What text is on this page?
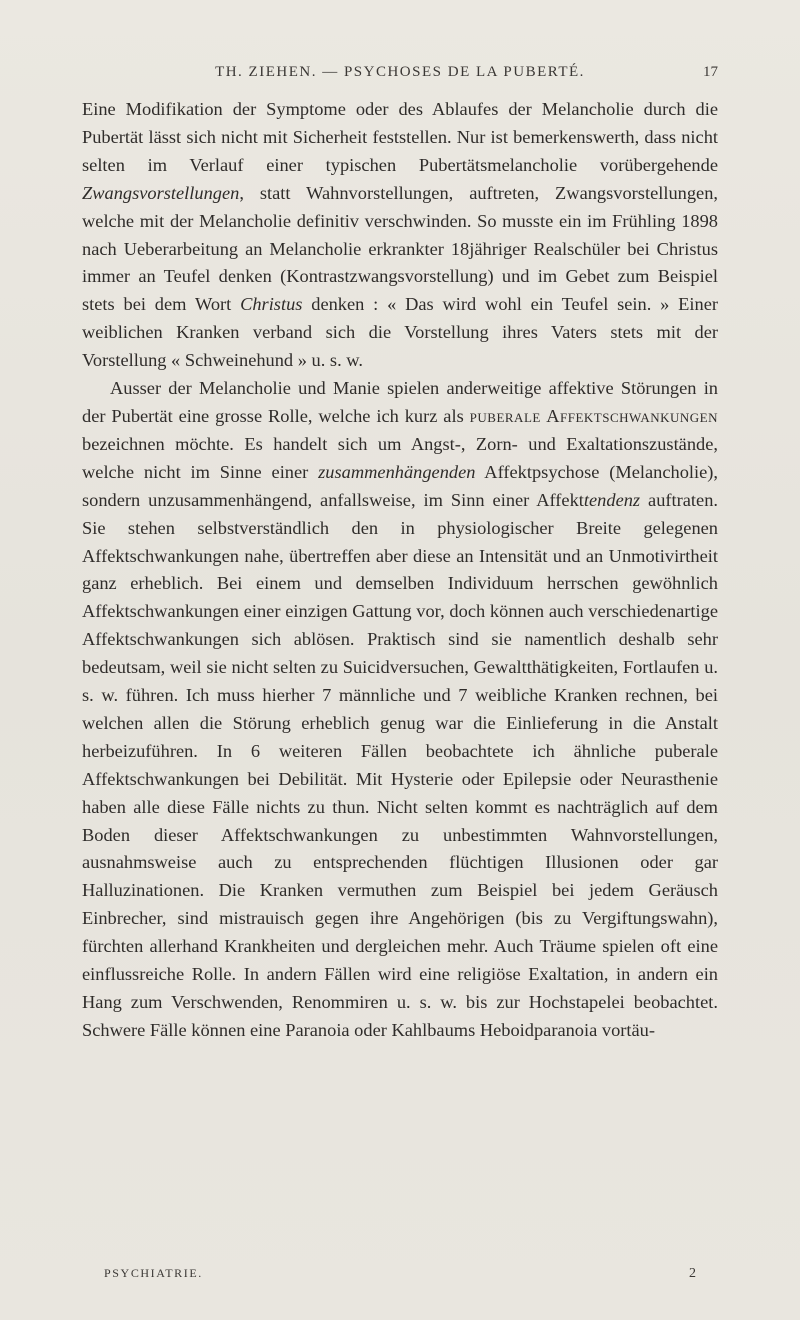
TH. ZIEHEN. — PSYCHOSES DE LA PUBERTÉ.	17

Eine Modifikation der Symptome oder des Ablaufes der Melancholie durch die Pubertät lässt sich nicht mit Sicherheit feststellen. Nur ist bemerkenswerth, dass nicht selten im Verlauf einer typischen Pubertätsmelancholie vorübergehende Zwangsvorstellungen, statt Wahnvorstellungen, auftreten, Zwangsvorstellungen, welche mit der Melancholie definitiv verschwinden. So musste ein im Frühling 1898 nach Ueberarbeitung an Melancholie erkrankter 18jähriger Realschüler bei Christus immer an Teufel denken (Kontrastzwangsvorstellung) und im Gebet zum Beispiel stets bei dem Wort Christus denken : « Das wird wohl ein Teufel sein. » Einer weiblichen Kranken verband sich die Vorstellung ihres Vaters stets mit der Vorstellung « Schweinehund » u. s. w.

Ausser der Melancholie und Manie spielen anderweitige affektive Störungen in der Pubertät eine grosse Rolle, welche ich kurz als puberale Affektschwankungen bezeichnen möchte. Es handelt sich um Angst-, Zorn- und Exaltationszustände, welche nicht im Sinne einer zusammenhängenden Affektpsychose (Melancholie), sondern unzusammenhängend, anfallsweise, im Sinn einer Affekttendenz auftraten. Sie stehen selbstverständlich den in physiologischer Breite gelegenen Affektschwankungen nahe, übertreffen aber diese an Intensität und an Unmotivirtheit ganz erheblich. Bei einem und demselben Individuum herrschen gewöhnlich Affektschwankungen einer einzigen Gattung vor, doch können auch verschiedenartige Affektschwankungen sich ablösen. Praktisch sind sie namentlich deshalb sehr bedeutsam, weil sie nicht selten zu Suicidversuchen, Gewaltthätigkeiten, Fortlaufen u. s. w. führen. Ich muss hierher 7 männliche und 7 weibliche Kranken rechnen, bei welchen allen die Störung erheblich genug war die Einlieferung in die Anstalt herbeizuführen. In 6 weiteren Fällen beobachtete ich ähnliche puberale Affektschwankungen bei Debilität. Mit Hysterie oder Epilepsie oder Neurasthenie haben alle diese Fälle nichts zu thun. Nicht selten kommt es nachträglich auf dem Boden dieser Affektschwankungen zu unbestimmten Wahnvorstellungen, ausnahmsweise auch zu entsprechenden flüchtigen Illusionen oder gar Halluzinationen. Die Kranken vermuthen zum Beispiel bei jedem Geräusch Einbrecher, sind mistrauisch gegen ihre Angehörigen (bis zu Vergiftungswahn), fürchten allerhand Krankheiten und dergleichen mehr. Auch Träume spielen oft eine einflussreiche Rolle. In andern Fällen wird eine religiöse Exaltation, in andern ein Hang zum Verschwenden, Renommiren u. s. w. bis zur Hochstapelei beobachtet. Schwere Fälle können eine Paranoia oder Kahlbaums Heboidparanoia vortäu-

PSYCHIATRIE.	2
